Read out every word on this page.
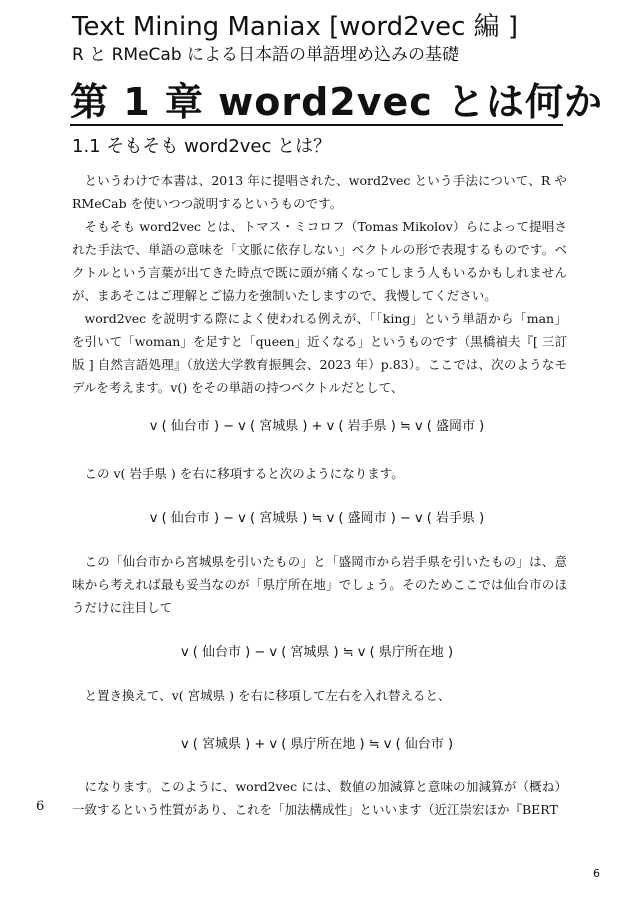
Text Mining Maniax [word2vec 編 ]
R と RMeCab による日本語の単語埋め込みの基礎
第 1 章 word2vec とは何か
1.1 そもそも word2vec とは？

というわけで本書は、2013 年に提唱された、word2vec という手法について、R や RMeCab を使いつつ説明するというものです。

そもそも word2vec とは、トマス・ミコロフ（Tomas Mikolov）らによって提唱された手法で、単語の意味を「文脈に依存しない」ベクトルの形で表現するものです。ベクトルという言葉が出てきた時点で既に頭が痛くなってしまう人もいるかもしれませんが、まあそこはご理解とご協力を強制いたしますので、我慢してください。

word2vec を説明する際によく使われる例えが、「「king」という単語から「man」を引いて「woman」を足すと「queen」近くなる」というものです（黒橋禎夫『[ 三訂版 ] 自然言語処理』（放送大学教育振興会、2023 年）p.83）。ここでは、次のようなモデルを考えます。v() をその単語の持つベクトルだとして、

v ( 仙台市 ) − v ( 宮城県 ) + v ( 岩手県 ) ≒ v ( 盛岡市 )

この v( 岩手県 ) を右に移項すると次のようになります。

v ( 仙台市 ) − v ( 宮城県 ) ≒ v ( 盛岡市 ) − v ( 岩手県 )

この「仙台市から宮城県を引いたもの」と「盛岡市から岩手県を引いたもの」は、意味から考えれば最も妥当なのが「県庁所在地」でしょう。そのためここでは仙台市のほうだけに注目して

v ( 仙台市 ) − v ( 宮城県 ) ≒ v ( 県庁所在地 )

と置き換えて、v( 宮城県 ) を右に移項して左右を入れ替えると、

v ( 宮城県 ) + v ( 県庁所在地 ) ≒ v ( 仙台市 )

になります。このように、word2vec には、数値の加減算と意味の加減算が（概ね）一致するという性質があり、これを「加法構成性」といいます（近江崇宏ほか『BERT

6
6
